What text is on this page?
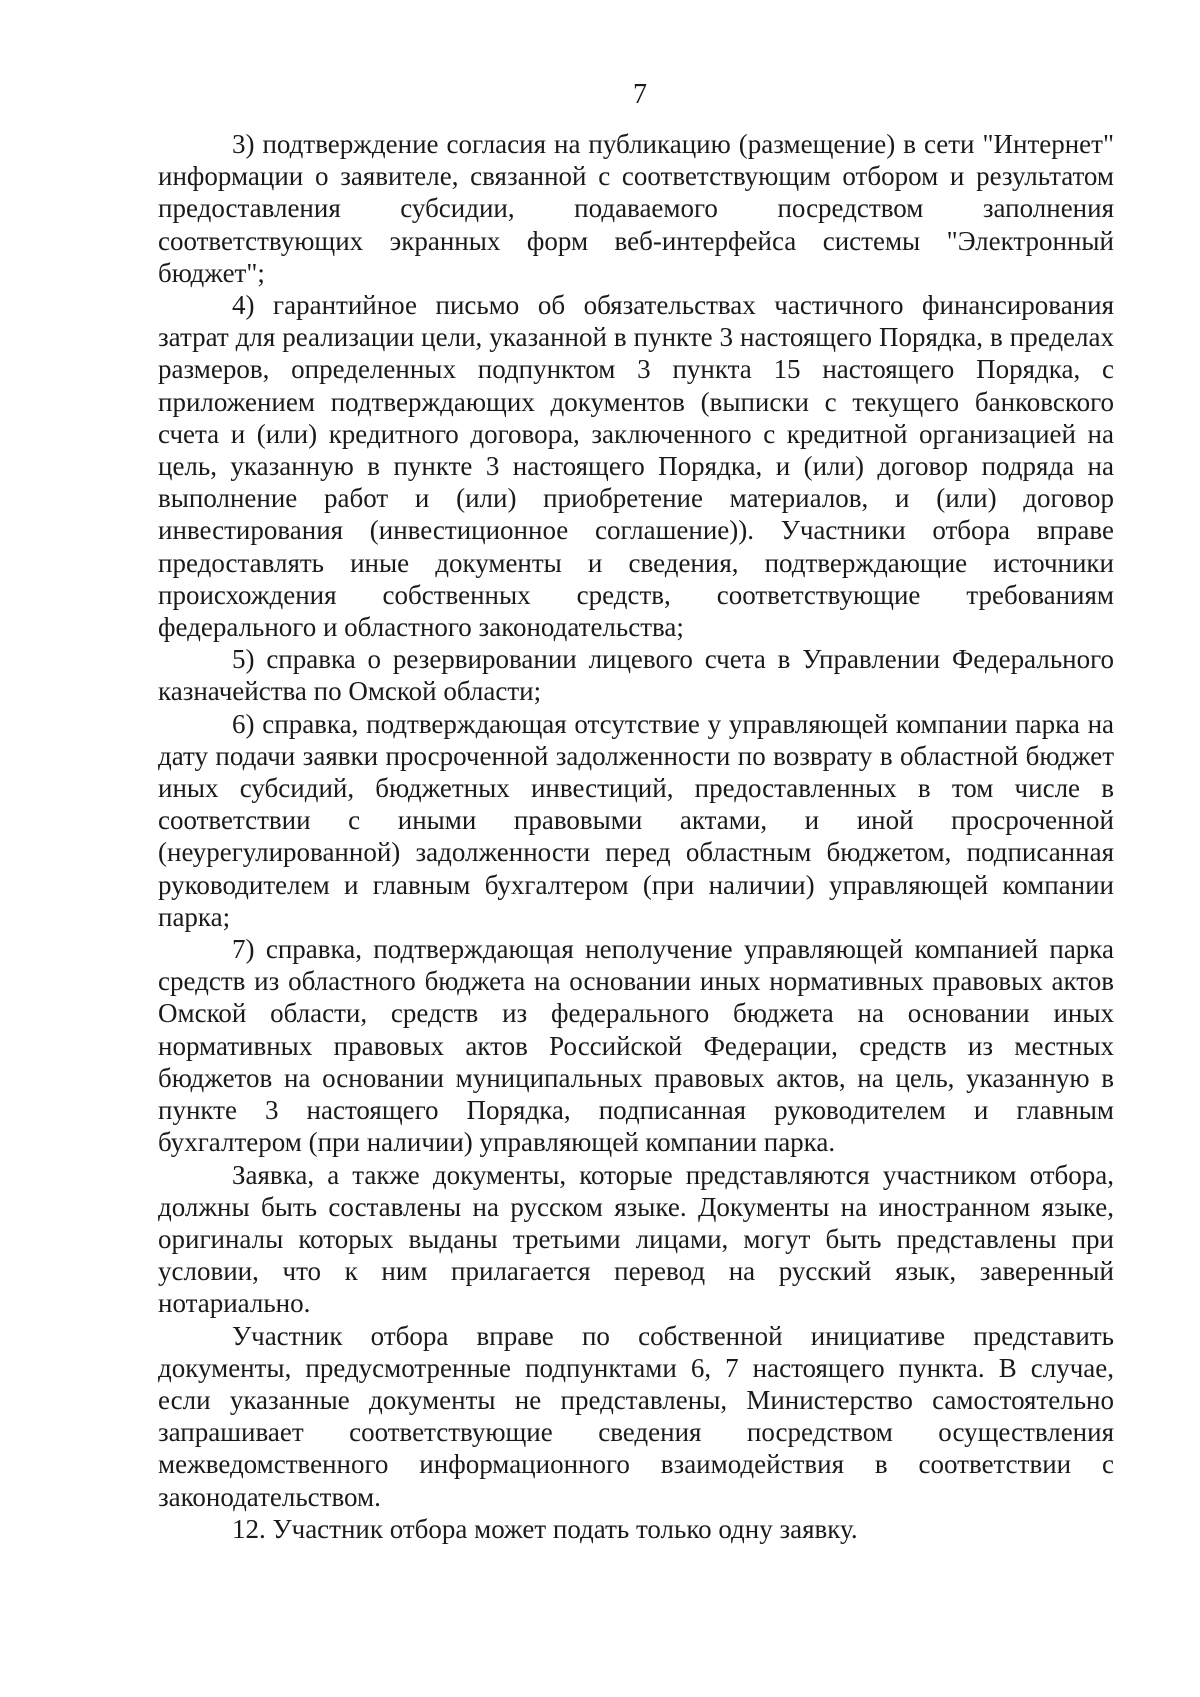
7

3) подтверждение согласия на публикацию (размещение) в сети "Интернет" информации о заявителе, связанной с соответствующим отбором и результатом предоставления субсидии, подаваемого посредством заполнения соответствующих экранных форм веб-интерфейса системы "Электронный бюджет";

4) гарантийное письмо об обязательствах частичного финансирования затрат для реализации цели, указанной в пункте 3 настоящего Порядка, в пределах размеров, определенных подпунктом 3 пункта 15 настоящего Порядка, с приложением подтверждающих документов (выписки с текущего банковского счета и (или) кредитного договора, заключенного с кредитной организацией на цель, указанную в пункте 3 настоящего Порядка, и (или) договор подряда на выполнение работ и (или) приобретение материалов, и (или) договор инвестирования (инвестиционное соглашение)). Участники отбора вправе предоставлять иные документы и сведения, подтверждающие источники происхождения собственных средств, соответствующие требованиям федерального и областного законодательства;

5) справка о резервировании лицевого счета в Управлении Федерального казначейства по Омской области;

6) справка, подтверждающая отсутствие у управляющей компании парка на дату подачи заявки просроченной задолженности по возврату в областной бюджет иных субсидий, бюджетных инвестиций, предоставленных в том числе в соответствии с иными правовыми актами, и иной просроченной (неурегулированной) задолженности перед областным бюджетом, подписанная руководителем и главным бухгалтером (при наличии) управляющей компании парка;

7) справка, подтверждающая неполучение управляющей компанией парка средств из областного бюджета на основании иных нормативных правовых актов Омской области, средств из федерального бюджета на основании иных нормативных правовых актов Российской Федерации, средств из местных бюджетов на основании муниципальных правовых актов, на цель, указанную в пункте 3 настоящего Порядка, подписанная руководителем и главным бухгалтером (при наличии) управляющей компании парка.

Заявка, а также документы, которые представляются участником отбора, должны быть составлены на русском языке. Документы на иностранном языке, оригиналы которых выданы третьими лицами, могут быть представлены при условии, что к ним прилагается перевод на русский язык, заверенный нотариально.

Участник отбора вправе по собственной инициативе представить документы, предусмотренные подпунктами 6, 7 настоящего пункта. В случае, если указанные документы не представлены, Министерство самостоятельно запрашивает соответствующие сведения посредством осуществления межведомственного информационного взаимодействия в соответствии с законодательством.

12. Участник отбора может подать только одну заявку.
